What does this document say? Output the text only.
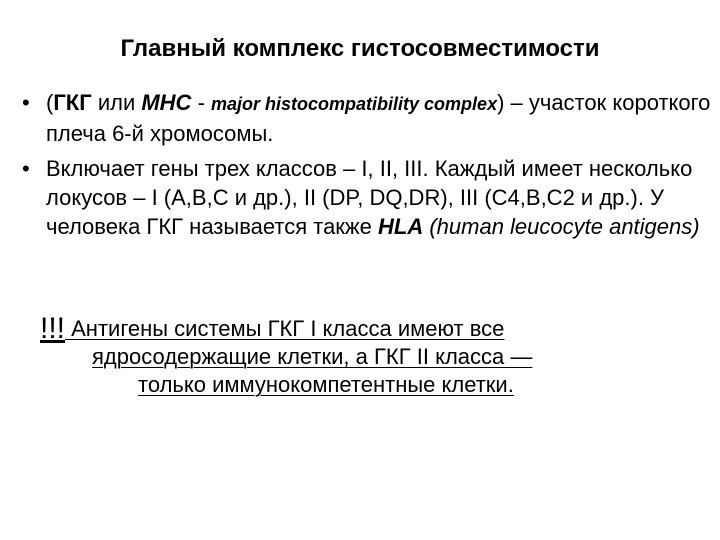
Главный комплекс гистосовместимости
• (ГКГ или MHC - major histocompatibility complex) – участок короткого плеча 6-й хромосомы.
• Включает гены трех классов – I, II, III. Каждый имеет несколько локусов – I (A,B,C и др.), II (DP, DQ,DR), III (C4,B,C2 и др.). У человека ГКГ называется также HLA (human leucocyte antigens)
!!! Антигены системы ГКГ I класса имеют все
ядросодержащие клетки, а ГКГ II класса —
только иммунокомпетентные клетки.
